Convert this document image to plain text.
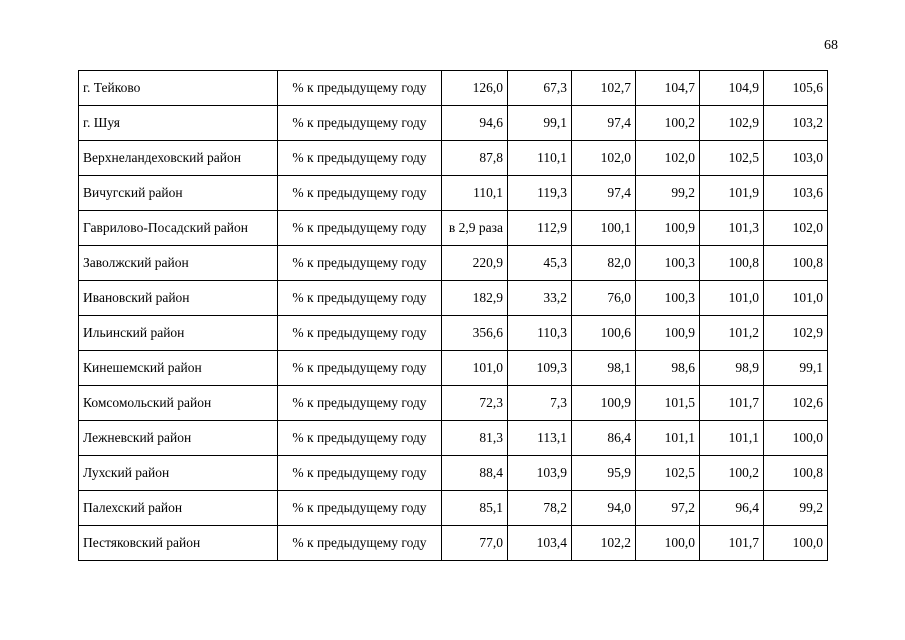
68
г. Тейково	% к предыдущему году	126,0	67,3	102,7	104,7	104,9	105,6
г. Шуя	% к предыдущему году	94,6	99,1	97,4	100,2	102,9	103,2
Верхнеландеховский район	% к предыдущему году	87,8	110,1	102,0	102,0	102,5	103,0
Вичугский район	% к предыдущему году	110,1	119,3	97,4	99,2	101,9	103,6
Гаврилово-Посадский район	% к предыдущему году	в 2,9 раза	112,9	100,1	100,9	101,3	102,0
Заволжский район	% к предыдущему году	220,9	45,3	82,0	100,3	100,8	100,8
Ивановский район	% к предыдущему году	182,9	33,2	76,0	100,3	101,0	101,0
Ильинский район	% к предыдущему году	356,6	110,3	100,6	100,9	101,2	102,9
Кинешемский район	% к предыдущему году	101,0	109,3	98,1	98,6	98,9	99,1
Комсомольский район	% к предыдущему году	72,3	7,3	100,9	101,5	101,7	102,6
Лежневский район	% к предыдущему году	81,3	113,1	86,4	101,1	101,1	100,0
Лухский район	% к предыдущему году	88,4	103,9	95,9	102,5	100,2	100,8
Палехский район	% к предыдущему году	85,1	78,2	94,0	97,2	96,4	99,2
Пестяковский район	% к предыдущему году	77,0	103,4	102,2	100,0	101,7	100,0
